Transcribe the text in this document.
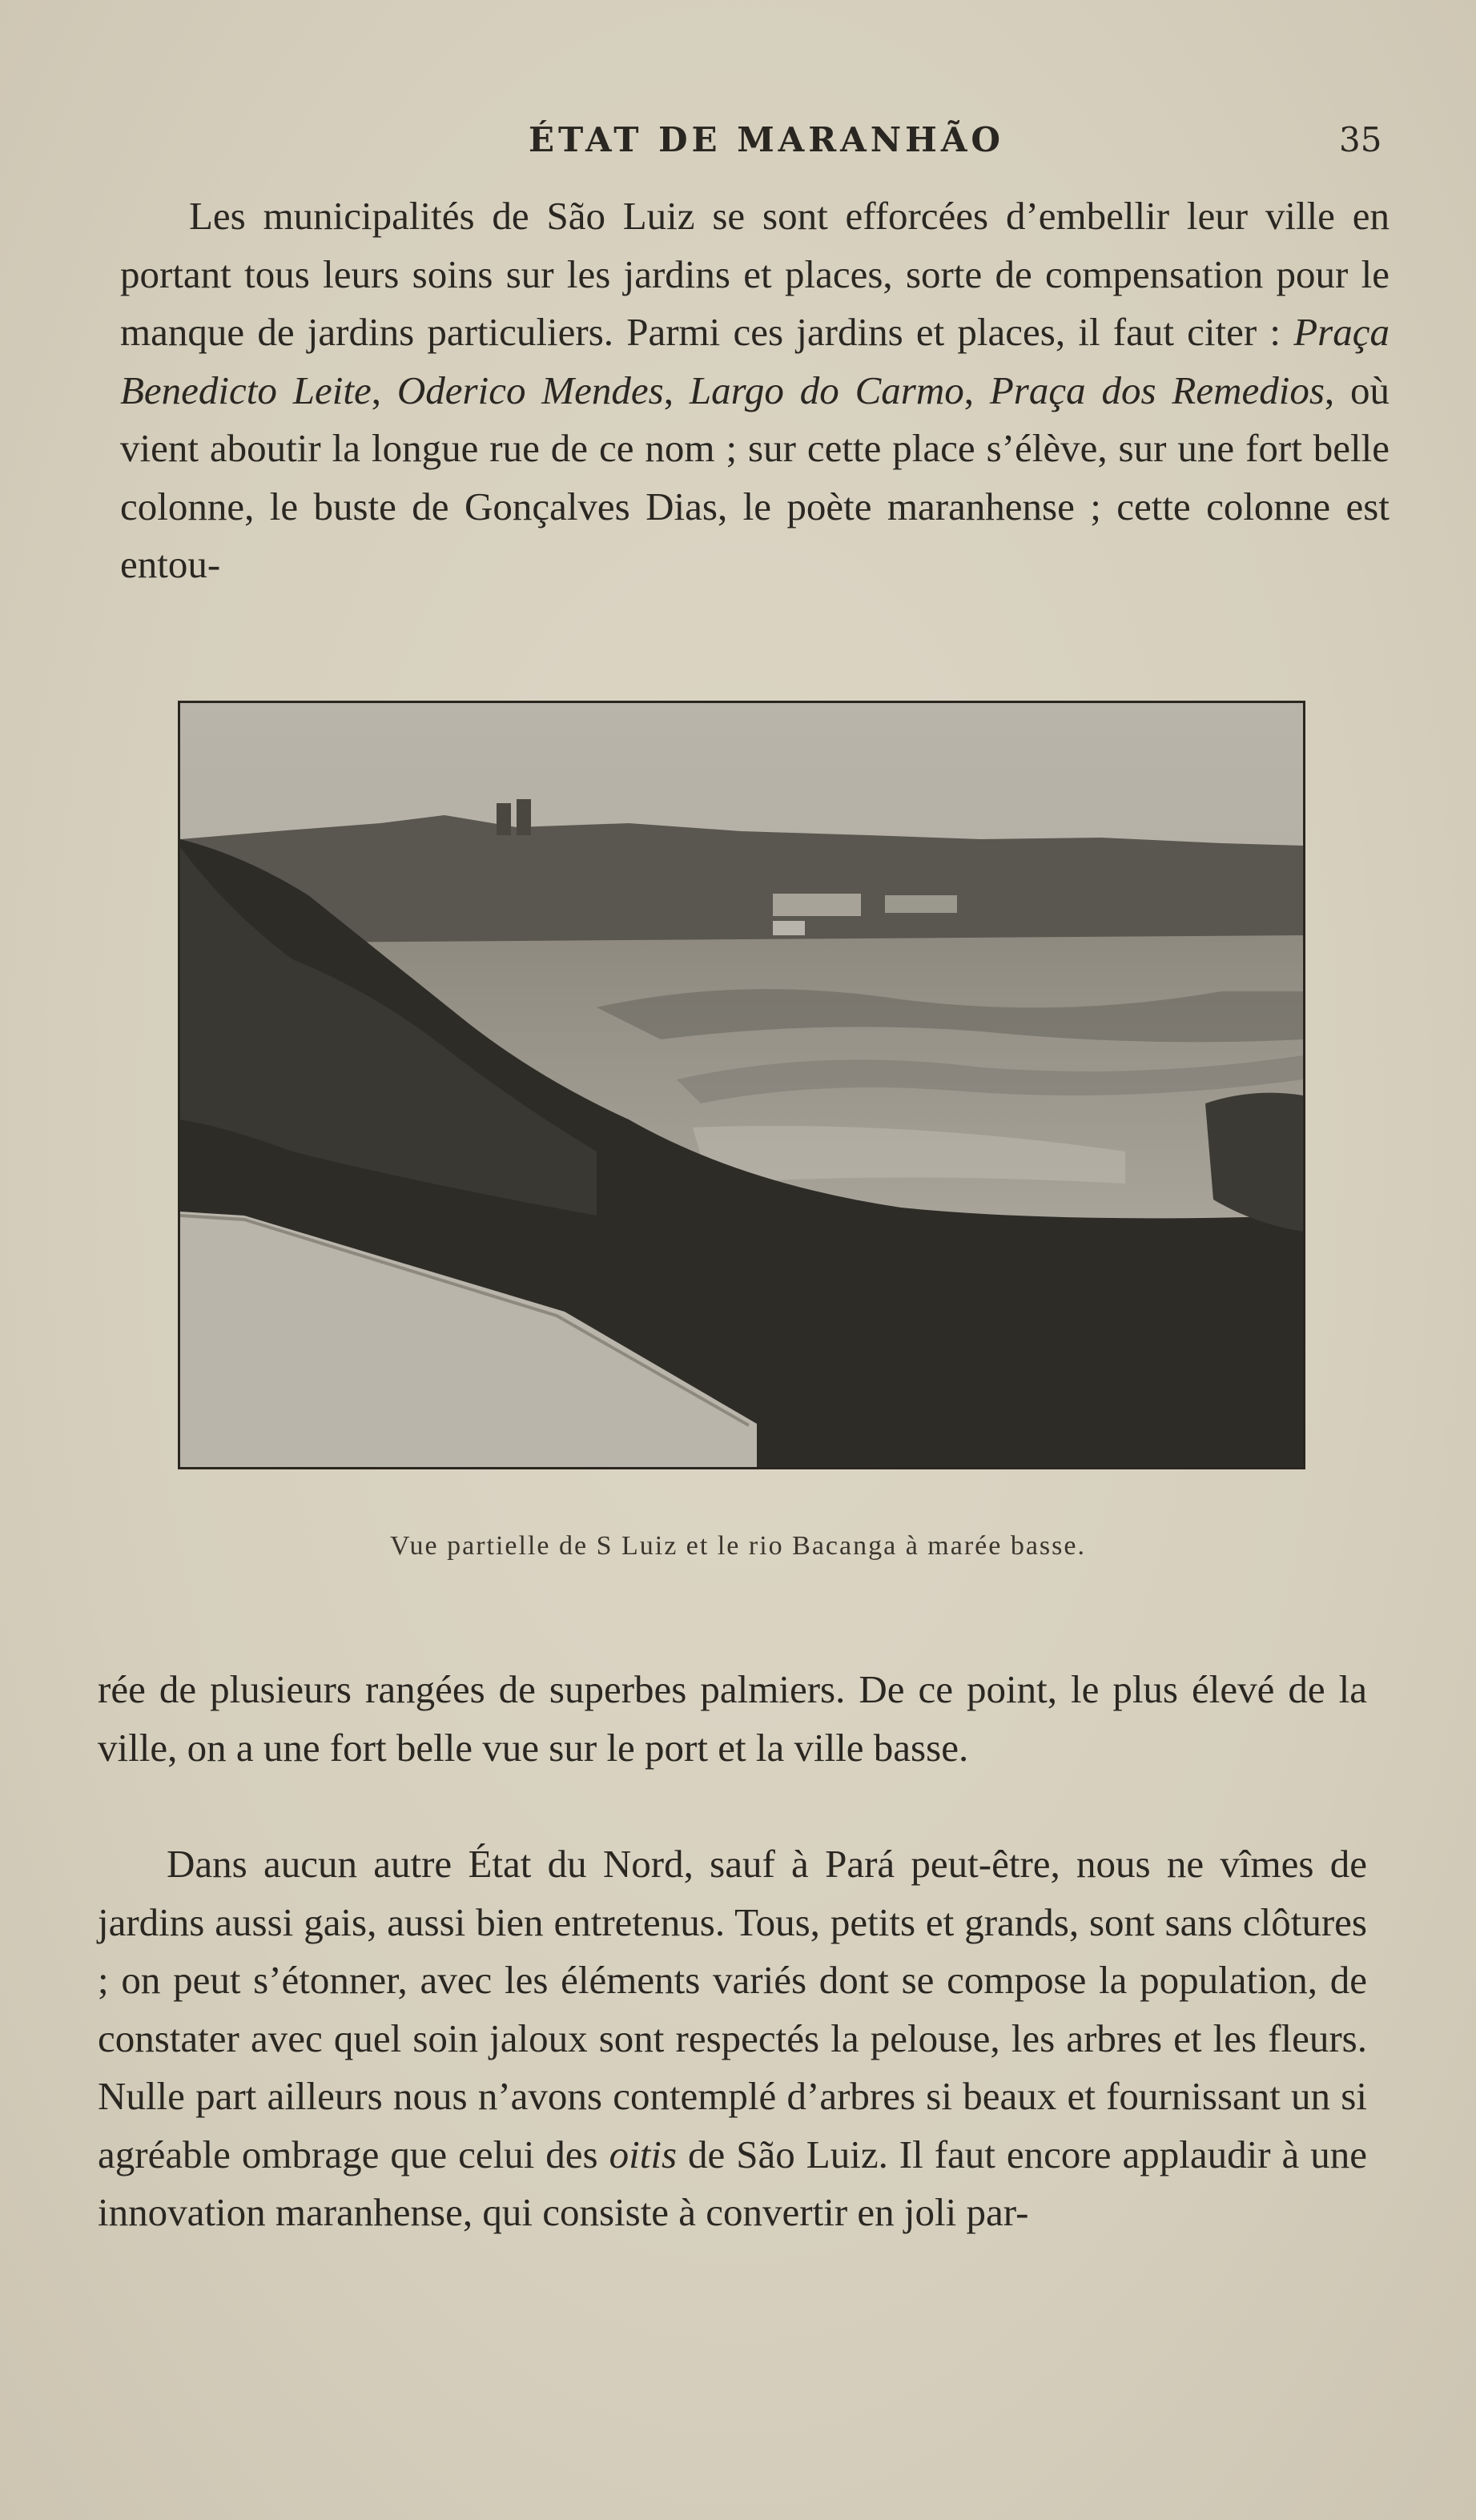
ÉTAT DE MARANHÃO	35

Les municipalités de São Luiz se sont efforcées d’embellir leur ville en portant tous leurs soins sur les jardins et places, sorte de compensation pour le manque de jardins particuliers. Parmi ces jardins et places, il faut citer : Praça Benedicto Leite, Oderico Mendes, Largo do Carmo, Praça dos Remedios, où vient aboutir la longue rue de ce nom ; sur cette place s’élève, sur une fort belle colonne, le buste de Gonçalves Dias, le poète maranhense ; cette colonne est entou-

Vue partielle de S Luiz et le rio Bacanga à marée basse.

rée de plusieurs rangées de superbes palmiers. De ce point, le plus élevé de la ville, on a une fort belle vue sur le port et la ville basse.

Dans aucun autre État du Nord, sauf à Pará peut-être, nous ne vîmes de jardins aussi gais, aussi bien entretenus. Tous, petits et grands, sont sans clôtures ; on peut s’étonner, avec les éléments variés dont se compose la population, de constater avec quel soin jaloux sont respectés la pelouse, les arbres et les fleurs. Nulle part ailleurs nous n’avons contemplé d’arbres si beaux et fournissant un si agréable ombrage que celui des oitis de São Luiz. Il faut encore applaudir à une innovation maranhense, qui consiste à convertir en joli par-
